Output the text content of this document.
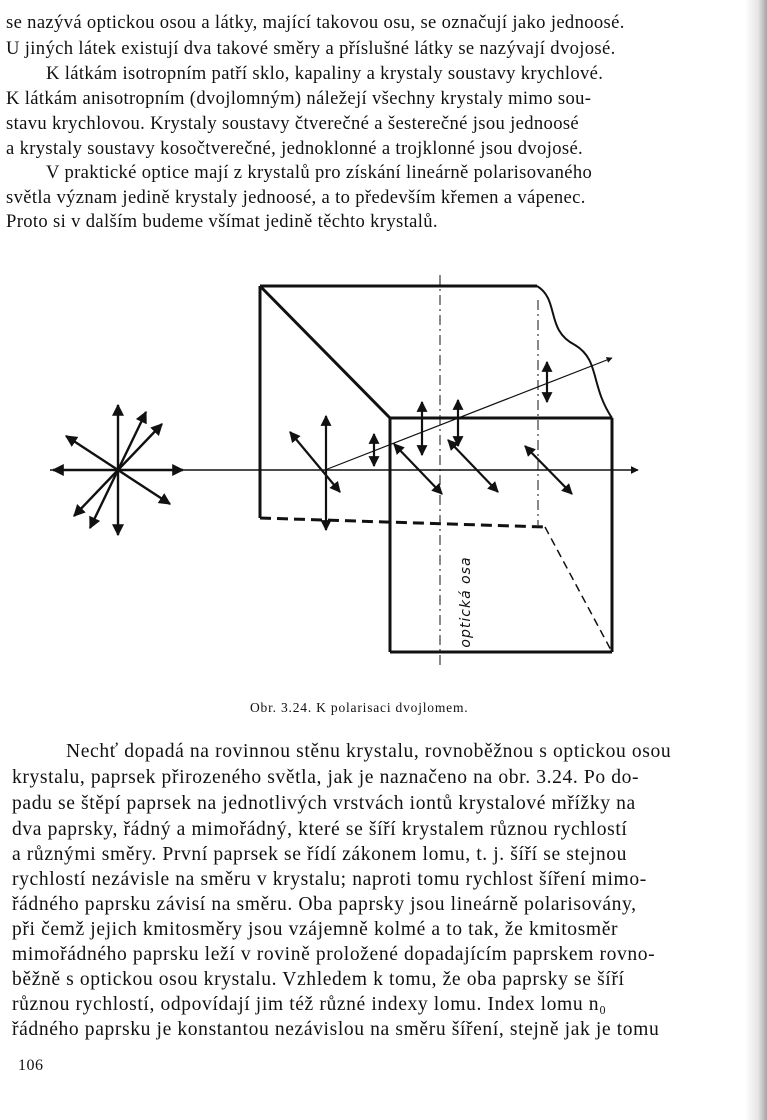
se nazývá optickou osou a látky, mající takovou osu, se označují jako jednoosé.
U jiných látek existují dva takové směry a příslušné látky se nazývají dvojosé.
K látkám isotropním patří sklo, kapaliny a krystaly soustavy krychlové.
K látkám anisotropním (dvojlomným) náležejí všechny krystaly mimo sou-
stavu krychlovou. Krystaly soustavy čtverečné a šesterečné jsou jednoosé
a krystaly soustavy kosočtverečné, jednoklonné a trojklonné jsou dvojosé.
V praktické optice mají z krystalů pro získání lineárně polarisovaného
světla význam jedině krystaly jednoosé, a to především křemen a vápenec.
Proto si v dalším budeme všímat jedině těchto krystalů.
optická osa
Obr. 3.24. K polarisaci dvojlomem.
Nechť dopadá na rovinnou stěnu krystalu, rovnoběžnou s optickou osou
krystalu, paprsek přirozeného světla, jak je naznačeno na obr. 3.24. Po do-
padu se štěpí paprsek na jednotlivých vrstvách iontů krystalové mřížky na
dva paprsky, řádný a mimořádný, které se šíří krystalem různou rychlostí
a různými směry. První paprsek se řídí zákonem lomu, t. j. šíří se stejnou
rychlostí nezávisle na směru v krystalu; naproti tomu rychlost šíření mimo-
řádného paprsku závisí na směru. Oba paprsky jsou lineárně polarisovány,
při čemž jejich kmitosměry jsou vzájemně kolmé a to tak, že kmitosměr
mimořádného paprsku leží v rovině proložené dopadajícím paprskem rovno-
běžně s optickou osou krystalu. Vzhledem k tomu, že oba paprsky se šíří
různou rychlostí, odpovídají jim též různé indexy lomu. Index lomu n₀
řádného paprsku je konstantou nezávislou na směru šíření, stejně jak je tomu
106
